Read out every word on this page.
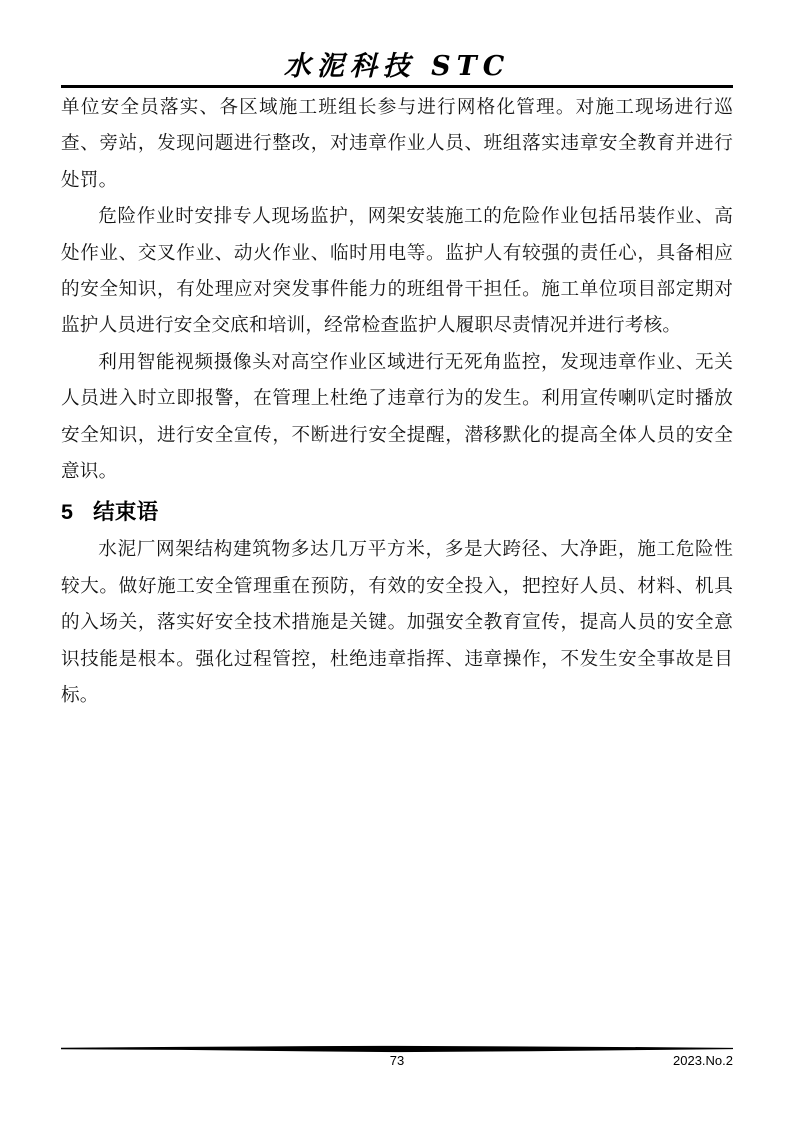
水泥科技 STC

单位安全员落实、各区域施工班组长参与进行网格化管理。对施工现场进行巡查、旁站，发现问题进行整改，对违章作业人员、班组落实违章安全教育并进行处罚。

危险作业时安排专人现场监护，网架安装施工的危险作业包括吊装作业、高处作业、交叉作业、动火作业、临时用电等。监护人有较强的责任心，具备相应的安全知识，有处理应对突发事件能力的班组骨干担任。施工单位项目部定期对监护人员进行安全交底和培训，经常检查监护人履职尽责情况并进行考核。

利用智能视频摄像头对高空作业区域进行无死角监控，发现违章作业、无关人员进入时立即报警，在管理上杜绝了违章行为的发生。利用宣传喇叭定时播放安全知识，进行安全宣传，不断进行安全提醒，潜移默化的提高全体人员的安全意识。

5 结束语

水泥厂网架结构建筑物多达几万平方米，多是大跨径、大净距，施工危险性较大。做好施工安全管理重在预防，有效的安全投入，把控好人员、材料、机具的入场关，落实好安全技术措施是关键。加强安全教育宣传，提高人员的安全意识技能是根本。强化过程管控，杜绝违章指挥、违章操作，不发生安全事故是目标。

73	2023.No.2
